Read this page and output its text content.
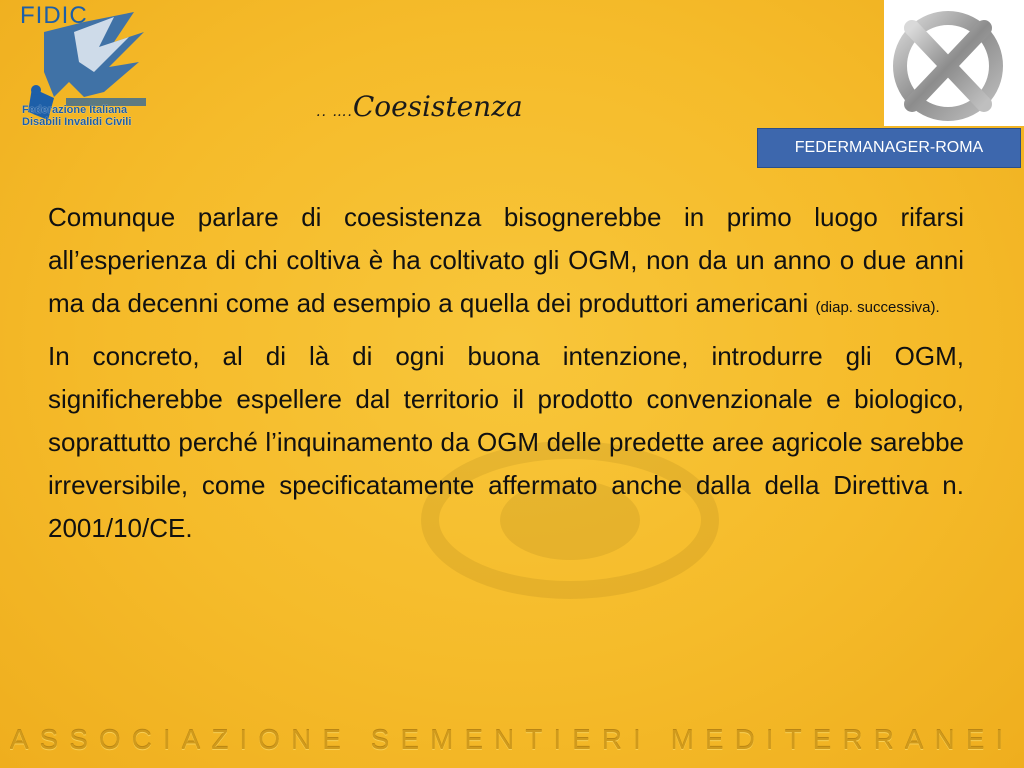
FIDIC
Federazione Italiana
Disabili Invalidi Civili
.. ….Coesistenza
FEDERMANAGER-ROMA

Comunque parlare di coesistenza bisognerebbe in primo luogo rifarsi all’esperienza di chi coltiva è ha coltivato gli OGM, non da un anno o due anni ma da decenni come ad esempio a quella dei produttori americani (diap. successiva).

In concreto, al di là di ogni buona intenzione, introdurre gli OGM, significherebbe espellere dal territorio il prodotto convenzionale e biologico, soprattutto perché l’inquinamento da OGM delle predette aree agricole sarebbe irreversibile, come specificatamente affermato anche dalla della Direttiva n. 2001/10/CE.

ASSOCIAZIONE SEMENTIERI MEDITERRANEI
